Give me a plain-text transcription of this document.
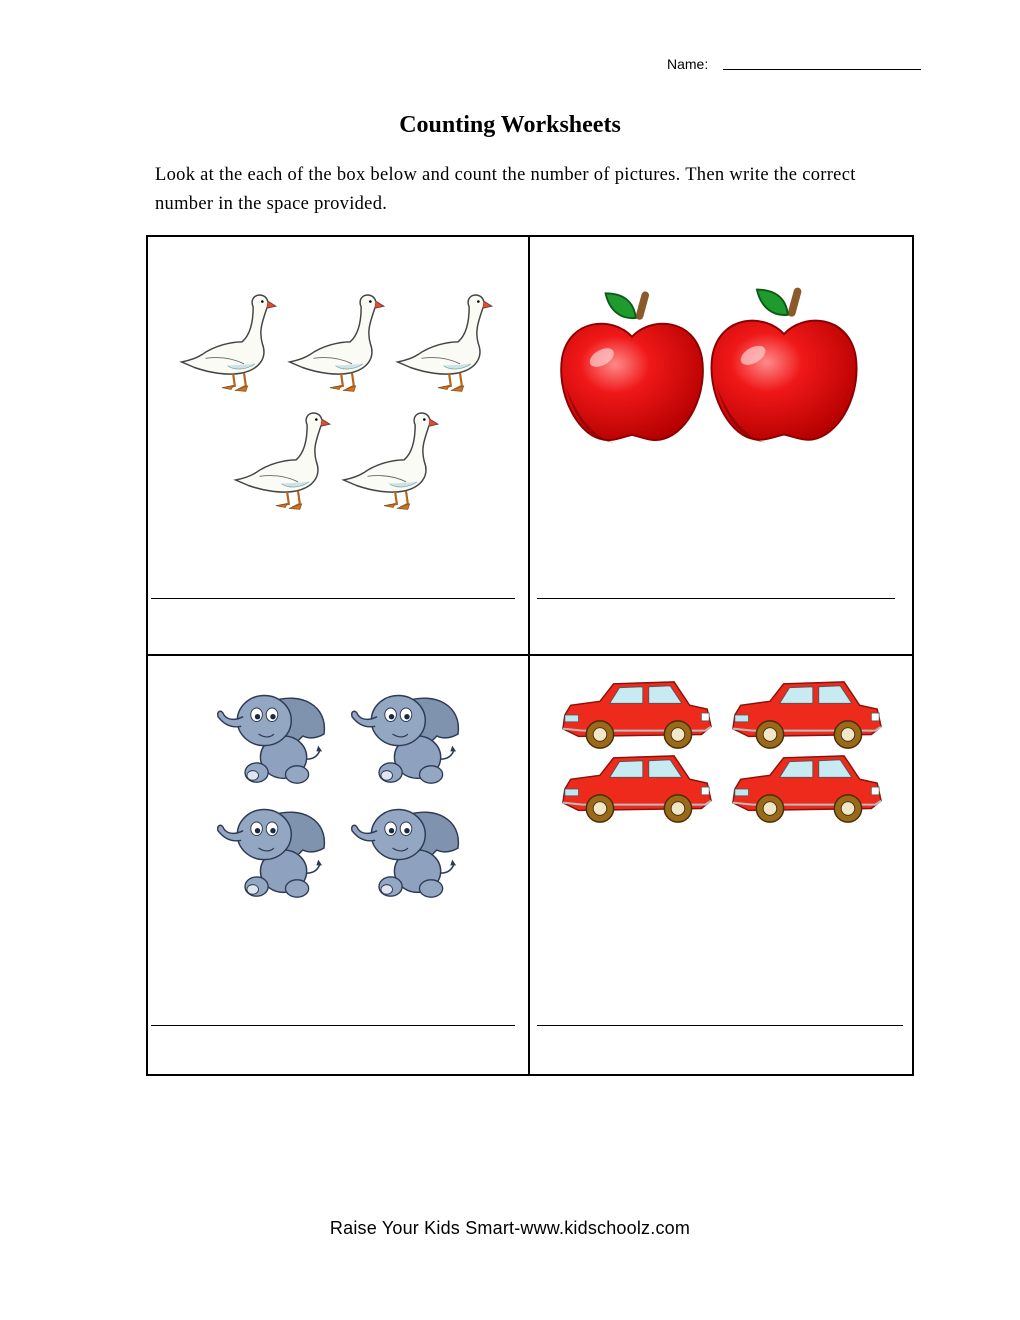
Name:
Counting Worksheets
Look at the each of the box below and count the number of pictures. Then write the correct number in the space provided.
Raise Your Kids Smart-www.kidschoolz.com
